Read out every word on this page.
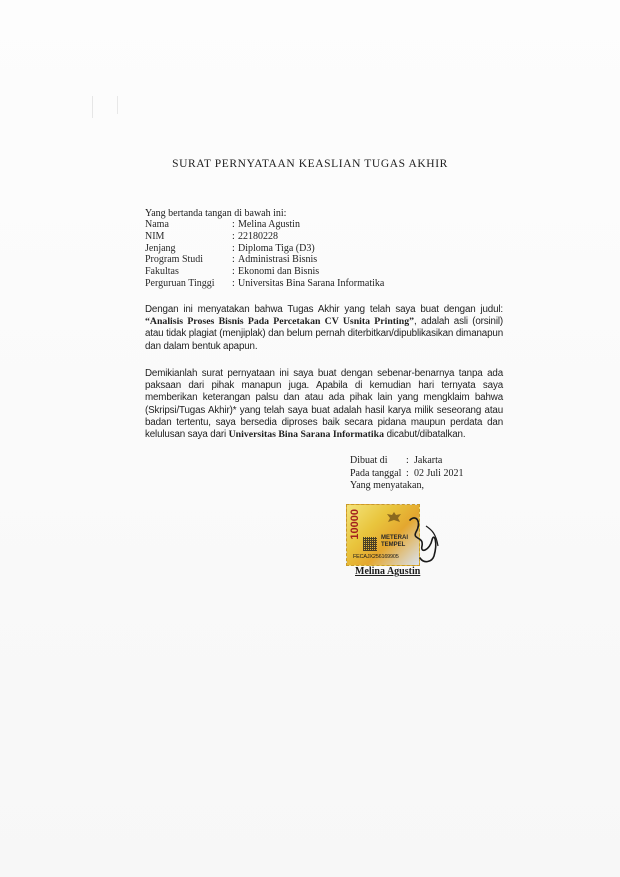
SURAT PERNYATAAN KEASLIAN TUGAS AKHIR
Yang bertanda tangan di bawah ini:
Nama	:	Melina Agustin
NIM	:	22180228
Jenjang	:	Diploma Tiga (D3)
Program Studi	:	Administrasi Bisnis
Fakultas	:	Ekonomi dan Bisnis
Perguruan Tinggi	:	Universitas Bina Sarana Informatika
Dengan ini menyatakan bahwa Tugas Akhir yang telah saya buat dengan judul: “Analisis Proses Bisnis Pada Percetakan CV Usnita Printing”, adalah asli (orsinil) atau tidak plagiat (menjiplak) dan belum pernah diterbitkan/dipublikasikan dimanapun dan dalam bentuk apapun.
Demikianlah surat pernyataan ini saya buat dengan sebenar-benarnya tanpa ada paksaan dari pihak manapun juga. Apabila di kemudian hari ternyata saya memberikan keterangan palsu dan atau ada pihak lain yang mengklaim bahwa (Skripsi/Tugas Akhir)* yang telah saya buat adalah hasil karya milik seseorang atau badan tertentu, saya bersedia diproses baik secara pidana maupun perdata dan kelulusan saya dari Universitas Bina Sarana Informatika dicabut/dibatalkan.
Dibuat di	: Jakarta
Pada tanggal : 02 Juli 2021
Yang menyatakan,
10000	METERAI TEMPEL
FECAJX256169905
Melina Agustin
